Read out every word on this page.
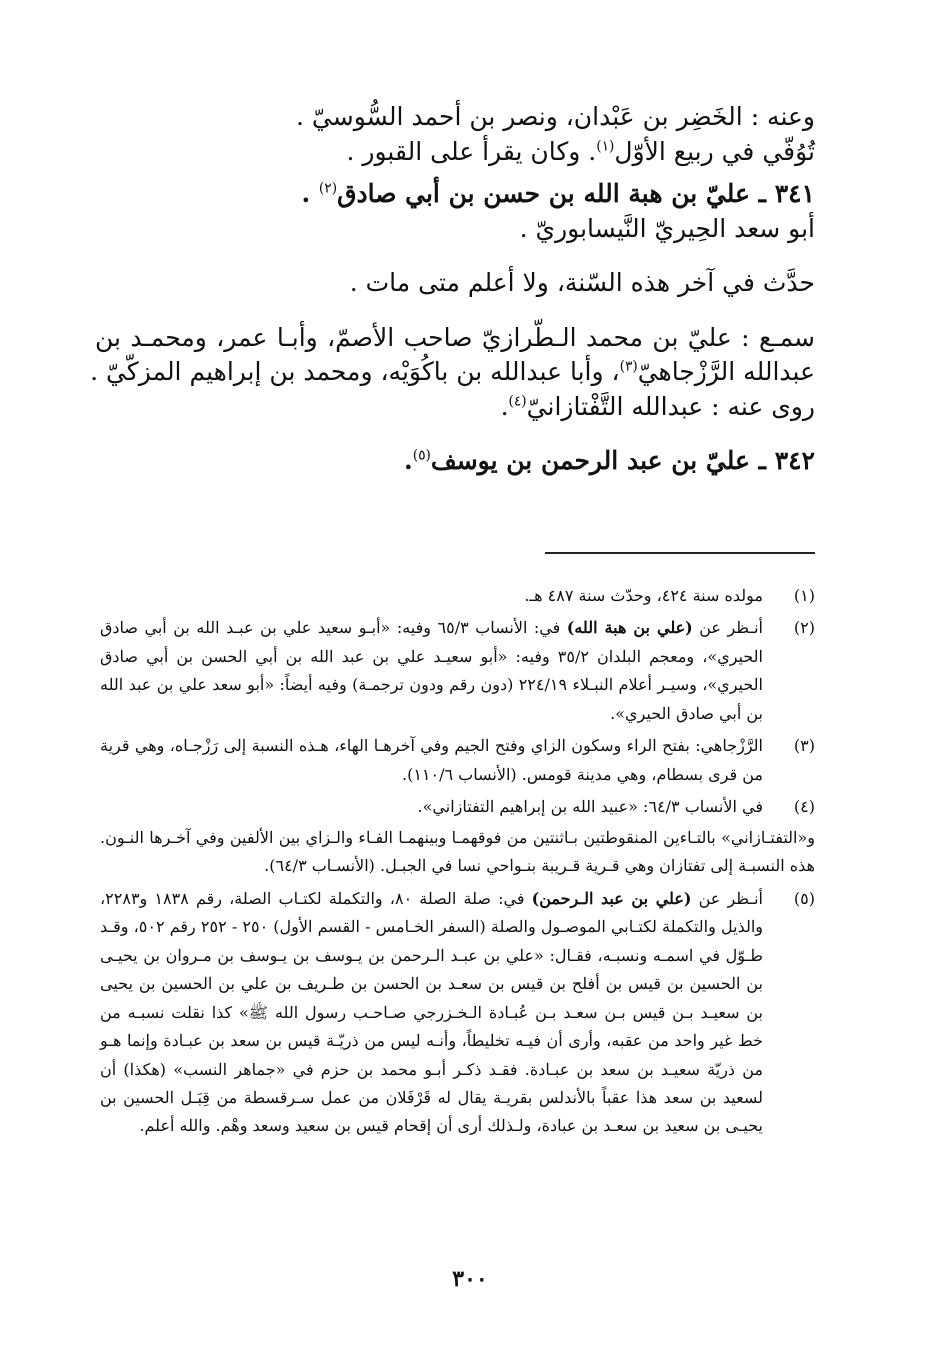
وعنه : الخَضِر بن عَبْدان، ونصر بن أحمد السُّوسيّ .
تُوُفّي في ربيع الأوّل$^{(١)}$. وكان يقرأ على القبور .
٣٤١ ـ عليّ بن هبة الله بن حسن بن أبي صادق$^{(٢)}$ .
أبو سعد الحِيريّ النَّيسابوريّ .
حدَّث في آخر هذه السّنة، ولا أعلم متى مات .
سمـع : عليّ بن محمد الـطّرازيّ صاحب الأصمّ، وأبـا عمر، ومحمـد بن
عبدالله الرَّزْجاهيّ$^{(٣)}$، وأبا عبدالله بن باكُوَيْه، ومحمد بن إبراهيم المزكّيّ .
روى عنه : عبدالله التَّفْتازانيّ$^{(٤)}$.
٣٤٢ ـ عليّ بن عبد الرحمن بن يوسف$^{(٥)}$.
(١)
مولده سنة ٤٢٤، وحدّث سنة ٤٨٧ هـ.
(٢)
أنـظر عن (علي بن هبة الله) في: الأنساب ٦٥/٣ وفيه: «أبـو سعيد علي بن عبـد الله بن أبي صادق الحيري»، ومعجم البلدان ٣٥/٢ وفيه: «أبو سعيـد علي بن عبد الله بن أبي الحسن بن أبي صادق الحيري»، وسيـر أعلام النبـلاء ٢٢٤/١٩ (دون رقم ودون ترجمـة) وفيه أيضاً: «أبو سعد علي بن عبد الله بن أبي صادق الحيري».
(٣)
الرَّزْجاهي: بفتح الراء وسكون الزاي وفتح الجيم وفي آخرهـا الهاء، هـذه النسبة إلى رَزْجـاه، وهي قرية من قرى بسطام، وهي مدينة قومس. (الأنساب ١١٠/٦).
(٤)
في الأنساب ٦٤/٣: «عبيد الله بن إبراهيم التفتازاني».
و«التفتـازاني» بالتـاءين المنقوطتين بـاثنتين من فوقهمـا وبينهمـا الفـاء والـزاي بين الألفين وفي آخـرها النـون. هذه النسبـة إلى تفتازان وهي قـرية قـريبة بنـواحي نسا في الجبـل. (الأنسـاب ٦٤/٣).
(٥)
أنـظر عن (علي بن عبد الـرحمن) في: صلة الصلة ٨٠، والتكملة لكتـاب الصلة، رقم ١٨٣٨ و٢٢٨٣، والذيل والتكملة لكتـابي الموصـول والصلة (السفر الخـامس - القسم الأول) ٢٥٠ - ٢٥٢ رقم ٥٠٢، وقـد طـوّل في اسمـه ونسبـه، فقـال: «علي بن عبـد الـرحمن بن يـوسف بن يـوسف بن مـروان بن يحيـى بن الحسين بن قيس بن أفلح بن قيس بن سعـد بن الحسن بن طـريف بن علي بن الحسين بن يحيى بن سعيـد بـن قيس بـن سعـد بـن عُبـادة الـخـزرجي صـاحـب رسول الله ﷺ» كذا نقلت نسبـه من خط غير واحد من عقبه، وأرى أن فيـه تخليطاً، وأنـه ليس من ذريّـة قيس بن سعد بن عبـادة وإنما هـو من ذريّة سعيـد بن سعد بن عبـادة. فقـد ذكـر أبـو محمد بن حزم في «جماهر النسب» (هكذا) أن لسعيد بن سعد هذا عقباً بالأندلس بقريـة يقال له قَرْفَلان من عمل سـرقسطة من قِبَـل الحسين بن يحيـى بن سعيد بن سعـد بن عبادة، ولـذلك أرى أن إقحام قيس بن سعيد وسعد وهْم. والله أعلم.
٣٠٠
